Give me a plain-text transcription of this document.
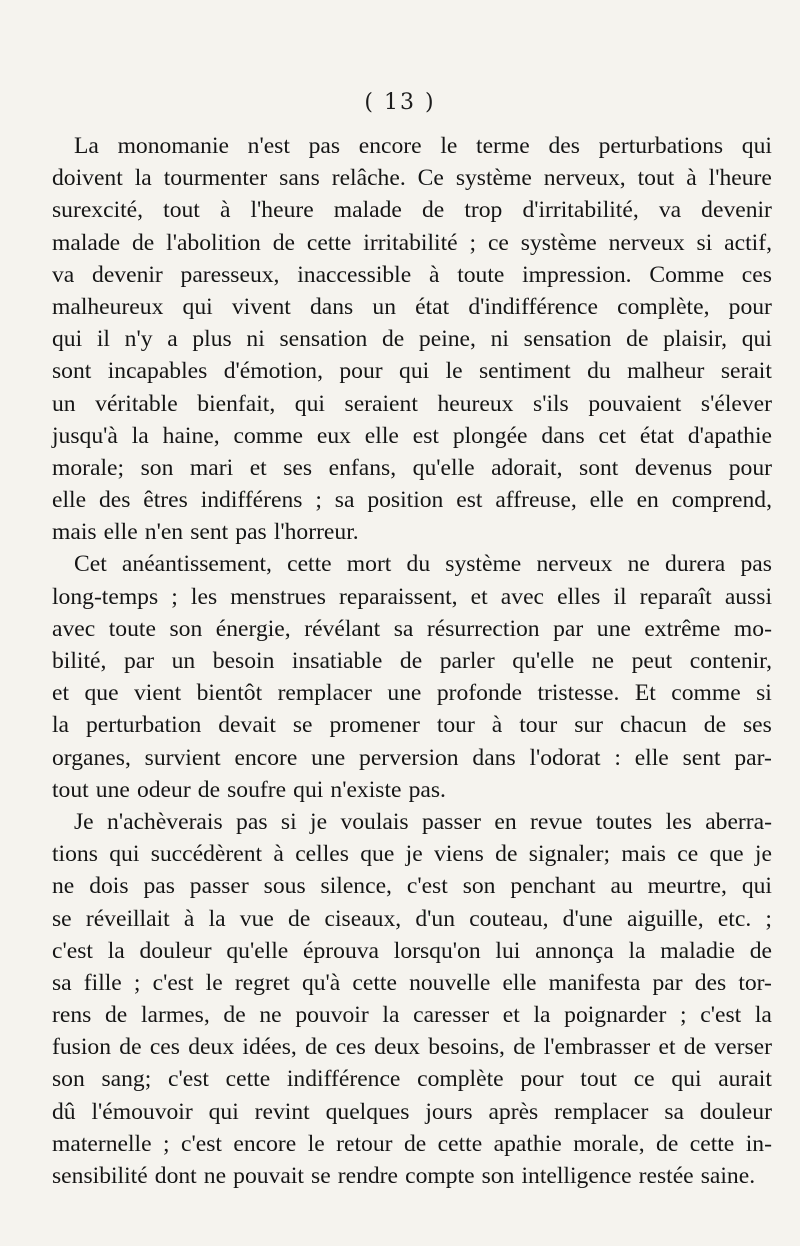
( 13 )
La monomanie n'est pas encore le terme des perturbations qui
doivent la tourmenter sans relâche. Ce système nerveux, tout à l'heure
surexcité, tout à l'heure malade de trop d'irritabilité, va devenir
malade de l'abolition de cette irritabilité ; ce système nerveux si actif,
va devenir paresseux, inaccessible à toute impression. Comme ces
malheureux qui vivent dans un état d'indifférence complète, pour
qui il n'y a plus ni sensation de peine, ni sensation de plaisir, qui
sont incapables d'émotion, pour qui le sentiment du malheur serait
un véritable bienfait, qui seraient heureux s'ils pouvaient s'élever
jusqu'à la haine, comme eux elle est plongée dans cet état d'apathie
morale; son mari et ses enfans, qu'elle adorait, sont devenus pour
elle des êtres indifférens ; sa position est affreuse, elle en comprend,
mais elle n'en sent pas l'horreur.
Cet anéantissement, cette mort du système nerveux ne durera pas
long-temps ; les menstrues reparaissent, et avec elles il reparaît aussi
avec toute son énergie, révélant sa résurrection par une extrême mo-
bilité, par un besoin insatiable de parler qu'elle ne peut contenir,
et que vient bientôt remplacer une profonde tristesse. Et comme si
la perturbation devait se promener tour à tour sur chacun de ses
organes, survient encore une perversion dans l'odorat : elle sent par-
tout une odeur de soufre qui n'existe pas.
Je n'achèverais pas si je voulais passer en revue toutes les aberra-
tions qui succédèrent à celles que je viens de signaler; mais ce que je
ne dois pas passer sous silence, c'est son penchant au meurtre, qui
se réveillait à la vue de ciseaux, d'un couteau, d'une aiguille, etc. ;
c'est la douleur qu'elle éprouva lorsqu'on lui annonça la maladie de
sa fille ; c'est le regret qu'à cette nouvelle elle manifesta par des tor-
rens de larmes, de ne pouvoir la caresser et la poignarder ; c'est la
fusion de ces deux idées, de ces deux besoins, de l'embrasser et de verser
son sang; c'est cette indifférence complète pour tout ce qui aurait
dû l'émouvoir qui revint quelques jours après remplacer sa douleur
maternelle ; c'est encore le retour de cette apathie morale, de cette in-
sensibilité dont ne pouvait se rendre compte son intelligence restée saine.
